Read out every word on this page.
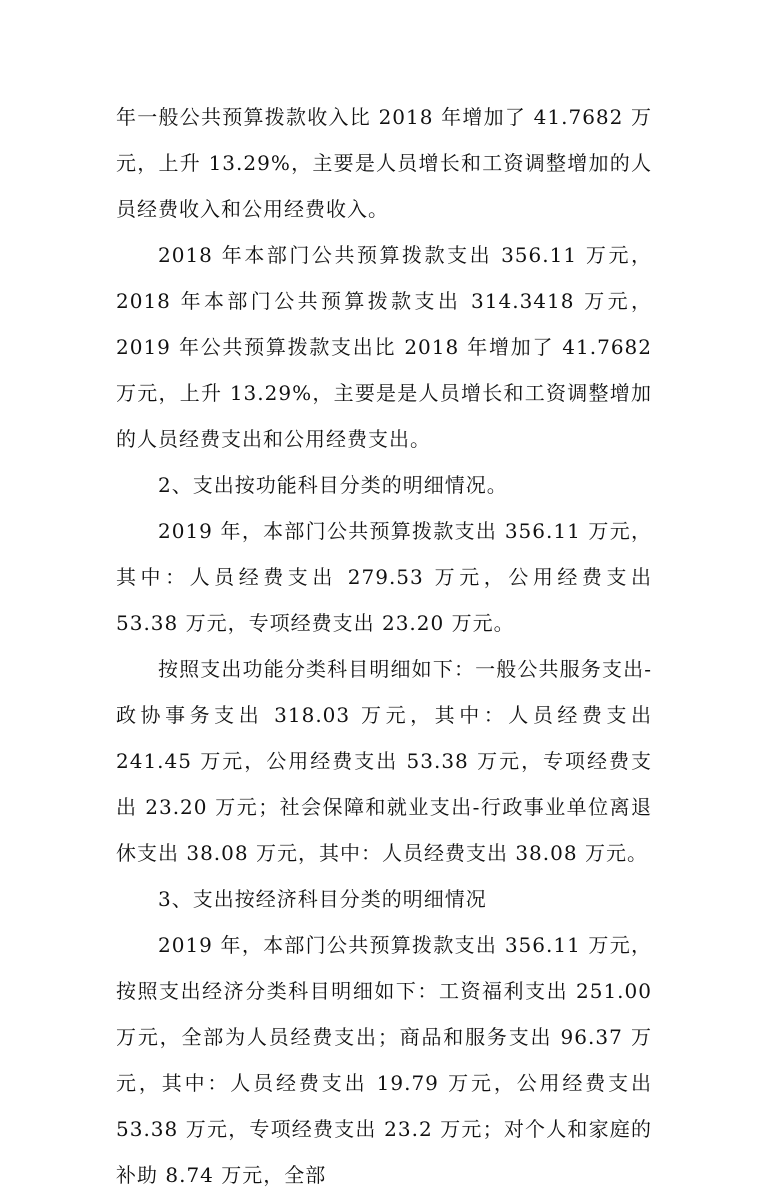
年一般公共预算拨款收入比 2018 年增加了 41.7682 万元，上升 13.29%，主要是人员增长和工资调整增加的人员经费收入和公用经费收入。

2018 年本部门公共预算拨款支出 356.11 万元，2018 年本部门公共预算拨款支出 314.3418 万元， 2019 年公共预算拨款支出比 2018 年增加了 41.7682 万元，上升 13.29%，主要是是人员增长和工资调整增加的人员经费支出和公用经费支出。

2、支出按功能科目分类的明细情况。

2019 年，本部门公共预算拨款支出 356.11 万元，其中：人员经费支出 279.53 万元，公用经费支出 53.38 万元，专项经费支出 23.20 万元。

按照支出功能分类科目明细如下：一般公共服务支出-政协事务支出 318.03 万元，其中：人员经费支出 241.45 万元，公用经费支出 53.38 万元，专项经费支出 23.20 万元；社会保障和就业支出-行政事业单位离退休支出 38.08 万元，其中：人员经费支出 38.08 万元。

3、支出按经济科目分类的明细情况

2019 年，本部门公共预算拨款支出 356.11 万元，按照支出经济分类科目明细如下：工资福利支出 251.00 万元，全部为人员经费支出；商品和服务支出 96.37 万元，其中：人员经费支出 19.79 万元，公用经费支出 53.38 万元，专项经费支出 23.2 万元；对个人和家庭的补助 8.74 万元，全部
